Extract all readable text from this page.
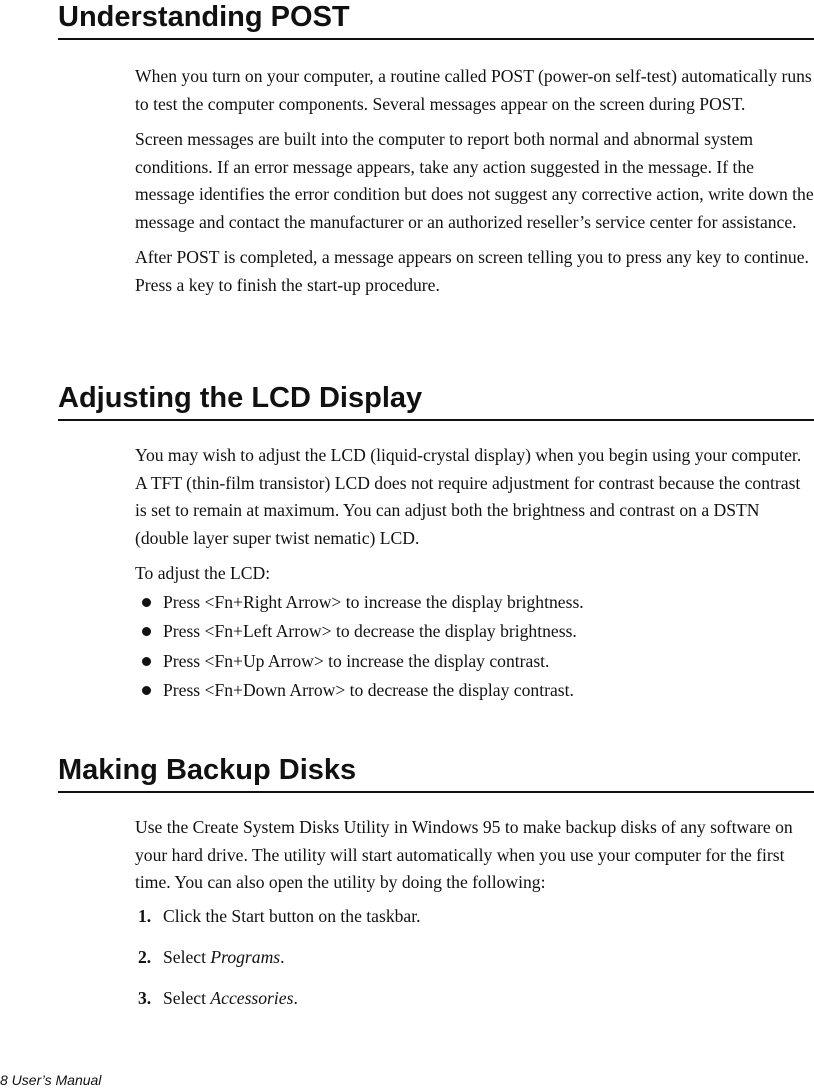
Understanding POST

When you turn on your computer, a routine called POST (power-on self-test) automatically runs to test the computer components. Several messages appear on the screen during POST.

Screen messages are built into the computer to report both normal and abnormal system conditions. If an error message appears, take any action suggested in the message. If the message identifies the error condition but does not suggest any corrective action, write down the message and contact the manufacturer or an authorized reseller’s service center for assistance.

After POST is completed, a message appears on screen telling you to press any key to continue. Press a key to finish the start-up procedure.

Adjusting the LCD Display

You may wish to adjust the LCD (liquid-crystal display) when you begin using your computer. A TFT (thin-film transistor) LCD does not require adjustment for contrast because the contrast is set to remain at maximum. You can adjust both the brightness and contrast on a DSTN (double layer super twist nematic) LCD.

To adjust the LCD:

Press <Fn+Right Arrow> to increase the display brightness.
Press <Fn+Left Arrow> to decrease the display brightness.
Press <Fn+Up Arrow> to increase the display contrast.
Press <Fn+Down Arrow> to decrease the display contrast.
Making Backup Disks

Use the Create System Disks Utility in Windows 95 to make backup disks of any software on your hard drive. The utility will start automatically when you use your computer for the first time. You can also open the utility by doing the following:

1. Click the Start button on the taskbar.
2. Select Programs.
3. Select Accessories.
8 User’s Manual
